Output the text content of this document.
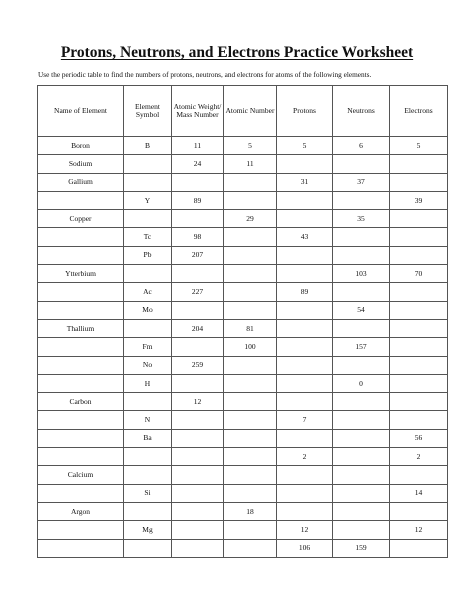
Protons, Neutrons, and Electrons Practice Worksheet
Use the periodic table to find the numbers of protons, neutrons, and electrons for atoms of the following elements.
Name of Element	Element Symbol	Atomic Weight/ Mass Number	Atomic Number	Protons	Neutrons	Electrons
Boron	B	11	5	5	6	5
Sodium		24	11			
Gallium				31	37	
	Y	89				39
Copper			29		35	
	Tc	98		43		
	Pb	207				
Ytterbium					103	70
	Ac	227		89		
	Mo				54	
Thallium		204	81			
	Fm		100		157	
	No	259				
	H				0	
Carbon		12				
	N			7		
	Ba					56
				2		2
Calcium						
	Si					14
Argon			18			
	Mg			12		12
				106	159	
